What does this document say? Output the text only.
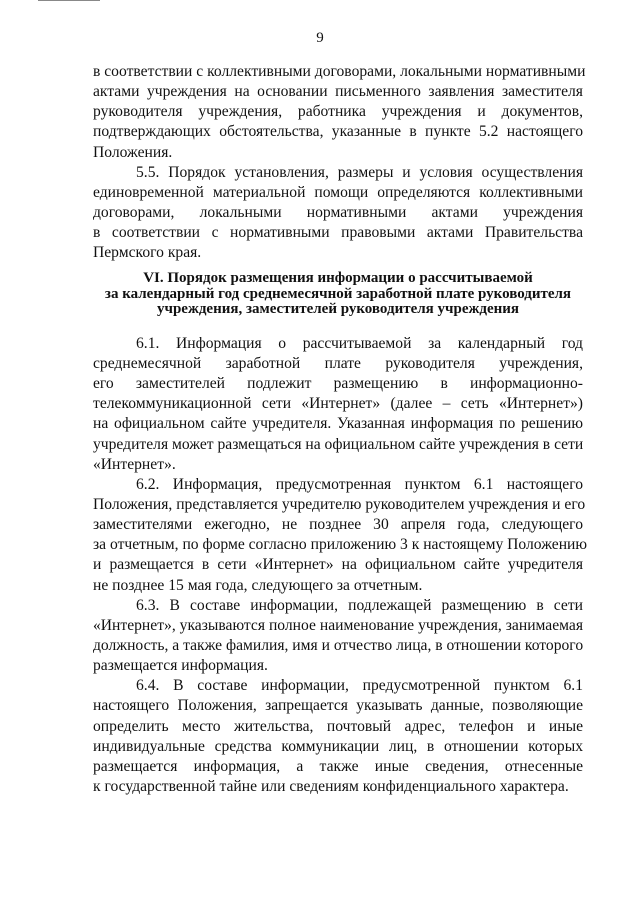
9
в соответствии с коллективными договорами, локальными нормативными
актами учреждения на основании письменного заявления заместителя
руководителя учреждения, работника учреждения и документов,
подтверждающих обстоятельства, указанные в пункте 5.2 настоящего
Положения.
5.5. Порядок установления, размеры и условия осуществления
единовременной материальной помощи определяются коллективными
договорами, локальными нормативными актами учреждения
в соответствии с нормативными правовыми актами Правительства
Пермского края.
VI. Порядок размещения информации о рассчитываемой
за календарный год среднемесячной заработной плате руководителя
учреждения, заместителей руководителя учреждения
6.1. Информация о рассчитываемой за календарный год
среднемесячной заработной плате руководителя учреждения,
его заместителей подлежит размещению в информационно-
телекоммуникационной сети «Интернет» (далее – сеть «Интернет»)
на официальном сайте учредителя. Указанная информация по решению
учредителя может размещаться на официальном сайте учреждения в сети
«Интернет».
6.2. Информация, предусмотренная пунктом 6.1 настоящего
Положения, представляется учредителю руководителем учреждения и его
заместителями ежегодно, не позднее 30 апреля года, следующего
за отчетным, по форме согласно приложению 3 к настоящему Положению
и размещается в сети «Интернет» на официальном сайте учредителя
не позднее 15 мая года, следующего за отчетным.
6.3. В составе информации, подлежащей размещению в сети
«Интернет», указываются полное наименование учреждения, занимаемая
должность, а также фамилия, имя и отчество лица, в отношении которого
размещается информация.
6.4. В составе информации, предусмотренной пунктом 6.1
настоящего Положения, запрещается указывать данные, позволяющие
определить место жительства, почтовый адрес, телефон и иные
индивидуальные средства коммуникации лиц, в отношении которых
размещается информация, а также иные сведения, отнесенные
к государственной тайне или сведениям конфиденциального характера.
